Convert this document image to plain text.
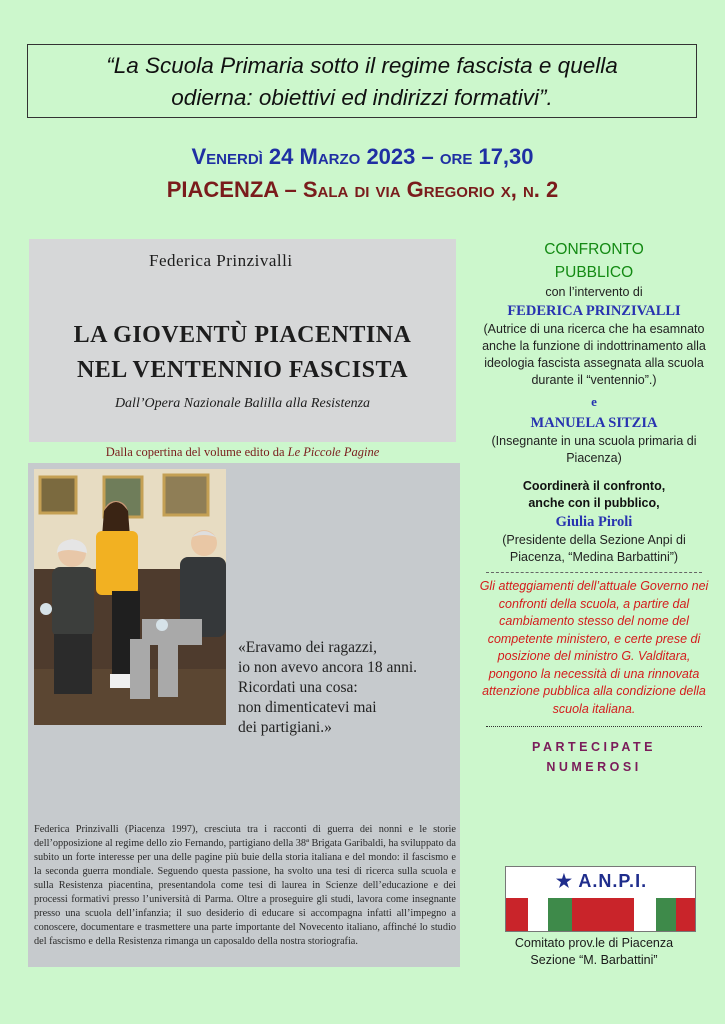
“La Scuola Primaria sotto il regime fascista e quella
odierna: obiettivi ed indirizzi formativi”.
Venerdì 24 Marzo 2023 – ore 17,30
PIACENZA – Sala di via Gregorio x, n. 2
Federica Prinzivalli
LA GIOVENTÙ PIACENTINA
NEL VENTENNIO FASCISTA
Dall’Opera Nazionale Balilla alla Resistenza
Dalla copertina del volume edito da Le Piccole Pagine
«Eravamo dei ragazzi,
io non avevo ancora 18 anni.
Ricordati una cosa:
non dimenticatevi mai
dei partigiani.»
Federica Prinzivalli (Piacenza 1997), cresciuta tra i racconti di guerra dei nonni e le storie dell’opposizione al regime dello zio Fernando, partigiano della 38ª Brigata Garibaldi, ha sviluppato da subito un forte interesse per una delle pagine più buie della storia italiana e del mondo: il fascismo e la seconda guerra mondiale. Seguendo questa passione, ha svolto una tesi di ricerca sulla scuola e sulla Resistenza piacentina, presentandola come tesi di laurea in Scienze dell’educazione e dei processi formativi presso l’università di Parma. Oltre a proseguire gli studi, lavora come insegnante presso una scuola dell’infanzia; il suo desiderio di educare si accompagna infatti all’impegno a conoscere, documentare e trasmettere una parte importante del Novecento italiano, affinché lo studio del fascismo e della Resistenza rimanga un caposaldo della nostra storiografia.
CONFRONTO
PUBBLICO
con l’intervento di
FEDERICA PRINZIVALLI
(Autrice di una ricerca che ha esamnato anche la funzione di indottrinamento alla ideologia fascista assegnata alla scuola durante il “ventennio”.)
e
MANUELA SITZIA
(Insegnante in una scuola primaria di Piacenza)
Coordinerà il confronto,
anche con il pubblico,
Giulia Piroli
(Presidente della Sezione Anpi di Piacenza, “Medina Barbattini”)
Gli atteggiamenti dell’attuale Governo nei confronti della scuola, a partire dal cambiamento stesso del nome del competente ministero, e certe prese di posizione del ministro G. Valditara, pongono la necessità di una rinnovata attenzione pubblica alla condizione della scuola italiana.
PARTECIPATE
NUMEROSI
★ A.N.P.I.
Comitato prov.le di Piacenza
Sezione “M. Barbattini”
